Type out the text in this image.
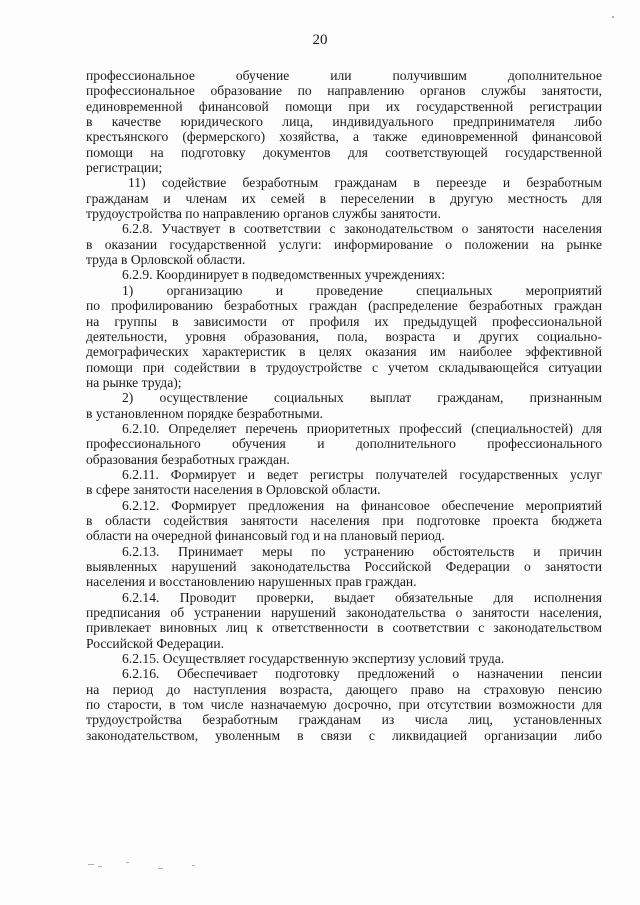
20
профессиональное обучение или получившим дополнительное
профессиональное образование по направлению органов службы занятости,
единовременной финансовой помощи при их государственной регистрации
в качестве юридического лица, индивидуального предпринимателя либо
крестьянского (фермерского) хозяйства, а также единовременной финансовой
помощи на подготовку документов для соответствующей государственной
регистрации;
11) содействие безработным гражданам в переезде и безработным
гражданам и членам их семей в переселении в другую местность для
трудоустройства по направлению органов службы занятости.
6.2.8. Участвует в соответствии с законодательством о занятости населения
в оказании государственной услуги: информирование о положении на рынке
труда в Орловской области.
6.2.9. Координирует в подведомственных учреждениях:
1) организацию и проведение специальных мероприятий
по профилированию безработных граждан (распределение безработных граждан
на группы в зависимости от профиля их предыдущей профессиональной
деятельности, уровня образования, пола, возраста и других социально-
демографических характеристик в целях оказания им наиболее эффективной
помощи при содействии в трудоустройстве с учетом складывающейся ситуации
на рынке труда);
2) осуществление социальных выплат гражданам, признанным
в установленном порядке безработными.
6.2.10. Определяет перечень приоритетных профессий (специальностей) для
профессионального обучения и дополнительного профессионального
образования безработных граждан.
6.2.11. Формирует и ведет регистры получателей государственных услуг
в сфере занятости населения в Орловской области.
6.2.12. Формирует предложения на финансовое обеспечение мероприятий
в области содействия занятости населения при подготовке проекта бюджета
области на очередной финансовый год и на плановый период.
6.2.13. Принимает меры по устранению обстоятельств и причин
выявленных нарушений законодательства Российской Федерации о занятости
населения и восстановлению нарушенных прав граждан.
6.2.14. Проводит проверки, выдает обязательные для исполнения
предписания об устранении нарушений законодательства о занятости населения,
привлекает виновных лиц к ответственности в соответствии с законодательством
Российской Федерации.
6.2.15. Осуществляет государственную экспертизу условий труда.
6.2.16. Обеспечивает подготовку предложений о назначении пенсии
на период до наступления возраста, дающего право на страховую пенсию
по старости, в том числе назначаемую досрочно, при отсутствии возможности для
трудоустройства безработным гражданам из числа лиц, установленных
законодательством, уволенным в связи с ликвидацией организации либо
